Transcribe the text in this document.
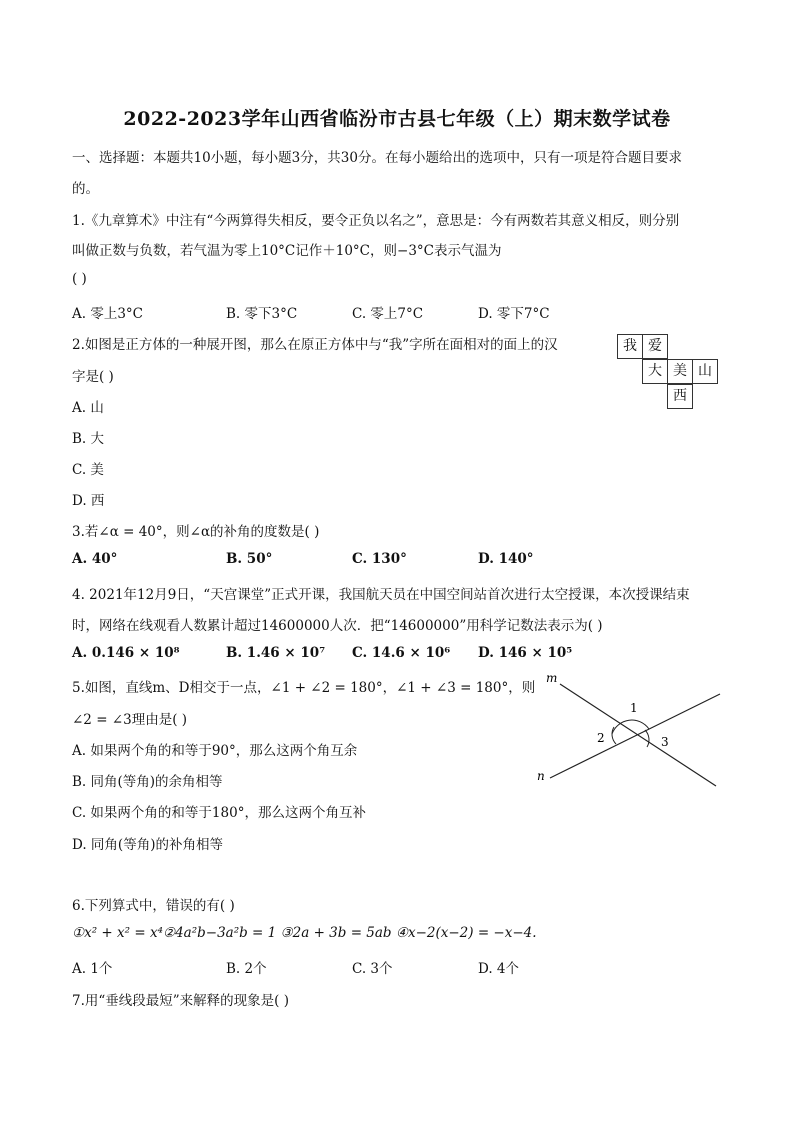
2022-2023学年山西省临汾市古县七年级（上）期末数学试卷
一、选择题：本题共10小题，每小题3分，共30分。在每小题给出的选项中，只有一项是符合题目要求
的。
1.《九章算术》中注有“今两算得失相反，要令正负以名之”，意思是：今有两数若其意义相反，则分别
叫做正数与负数，若气温为零上10°C记作＋10°C，则−3°C表示气温为
( )
A. 零上3°C	B. 零下3°C	C. 零上7°C	D. 零下7°C
2.如图是正方体的一种展开图，那么在原正方体中与“我”字所在面相对的面上的汉
字是( )
A. 山
B. 大
C. 美
D. 西
我 爱
大 美 山
西
3.若∠α = 40°，则∠α的补角的度数是( )
A. 40°	B. 50°	C. 130°	D. 140°
4. 2021年12月9日，“天宫课堂”正式开课，我国航天员在中国空间站首次进行太空授课，本次授课结束
时，网络在线观看人数累计超过14600000人次．把“14600000”用科学记数法表示为( )
A. 0.146 × 10⁸	B. 1.46 × 10⁷ C. 14.6 × 10⁶ D. 146 × 10⁵
5.如图，直线m、D相交于一点，∠1 + ∠2 = 180°，∠1 + ∠3 = 180°，则
∠2 = ∠3理由是( )
A. 如果两个角的和等于90°，那么这两个角互余
B. 同角(等角)的余角相等
C. 如果两个角的和等于180°，那么这两个角互补
D. 同角(等角)的补角相等
m
n
1
2	3
6.下列算式中，错误的有( )
①x² + x² = x⁴②4a²b−3a²b = 1 ③2a + 3b = 5ab ④x−2(x−2) = −x−4.
A. 1个	B. 2个	C. 3个	D. 4个
7.用“垂线段最短”来解释的现象是( )
